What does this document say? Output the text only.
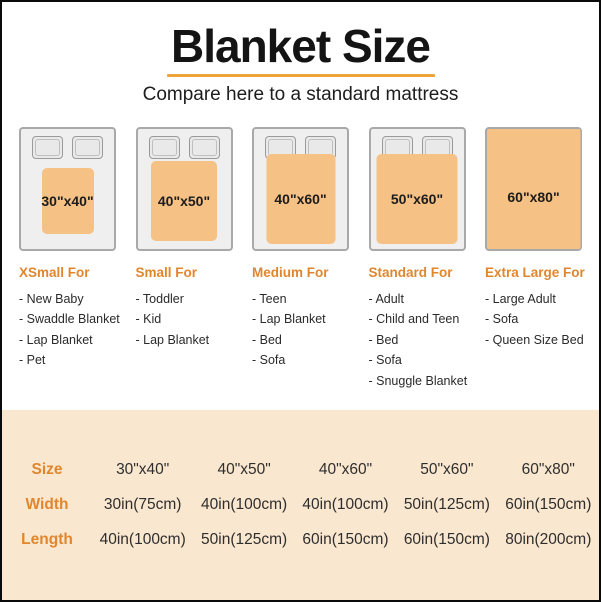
Blanket Size
Compare here to a standard mattress
30"x40"	40"x50"	40"x60"	50"x60"	60"x80"
XSmall For
- New Baby
- Swaddle Blanket
- Lap Blanket
- Pet
Small For
- Toddler
- Kid
- Lap Blanket
Medium For
- Teen
- Lap Blanket
- Bed
- Sofa
Standard For
- Adult
- Child and Teen
- Bed
- Sofa
- Snuggle Blanket
Extra Large For
- Large Adult
- Sofa
- Queen Size Bed
Size	30"x40"	40"x50"	40"x60"	50"x60"	60"x80"
Width	30in(75cm)	40in(100cm) 40in(100cm) 50in(125cm) 60in(150cm)
Length	40in(100cm) 50in(125cm) 60in(150cm) 60in(150cm) 80in(200cm)
